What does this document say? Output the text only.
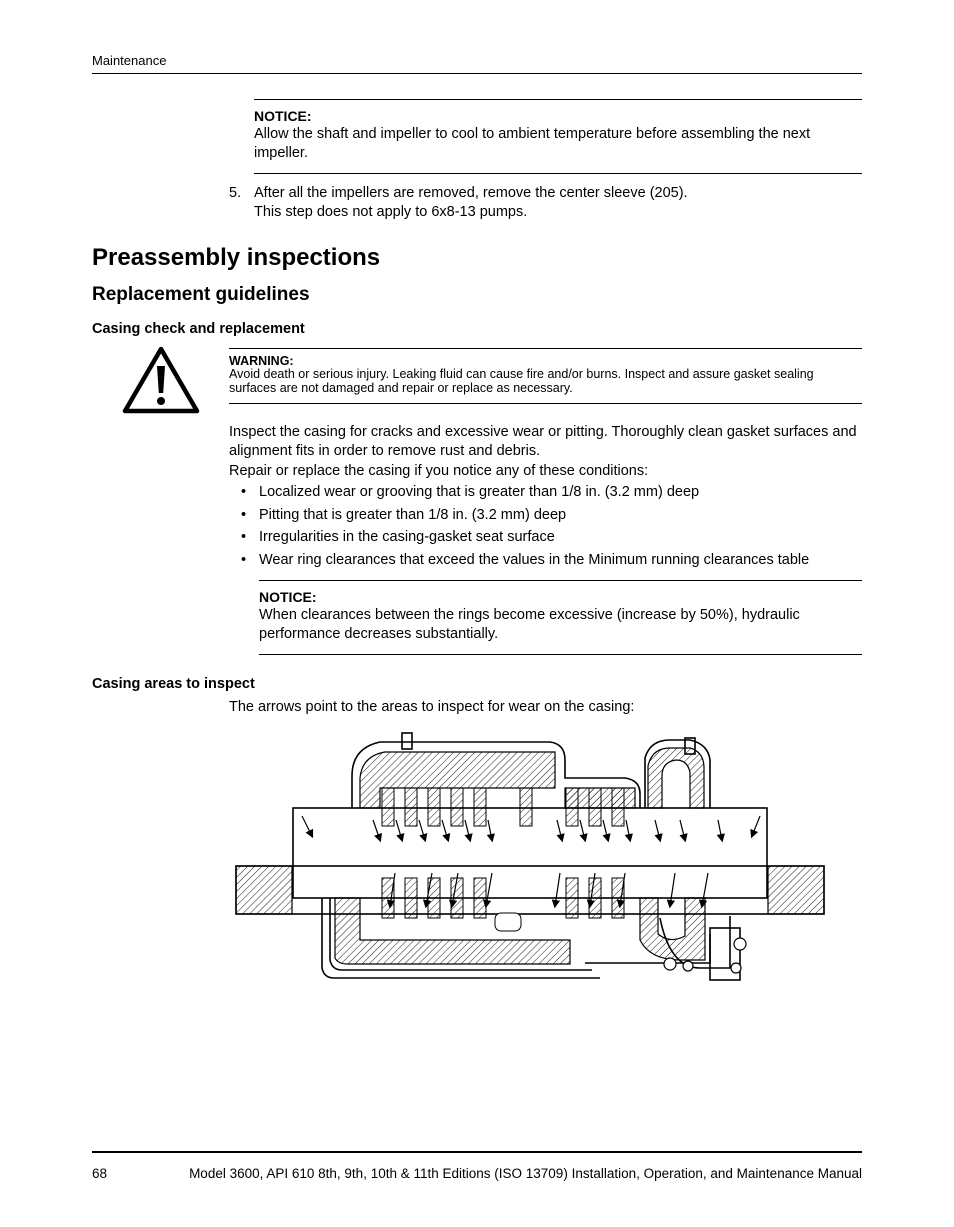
Maintenance
NOTICE:
Allow the shaft and impeller to cool to ambient temperature before assembling the next impeller.
5. After all the impellers are removed, remove the center sleeve (205).
This step does not apply to 6x8-13 pumps.
Preassembly inspections
Replacement guidelines
Casing check and replacement
WARNING:
Avoid death or serious injury. Leaking fluid can cause fire and/or burns. Inspect and assure gasket sealing surfaces are not damaged and repair or replace as necessary.
Inspect the casing for cracks and excessive wear or pitting. Thoroughly clean gasket surfaces and alignment fits in order to remove rust and debris.
Repair or replace the casing if you notice any of these conditions:
• Localized wear or grooving that is greater than 1/8 in. (3.2 mm) deep
• Pitting that is greater than 1/8 in. (3.2 mm) deep
• Irregularities in the casing-gasket seat surface
• Wear ring clearances that exceed the values in the Minimum running clearances table
NOTICE:
When clearances between the rings become excessive (increase by 50%), hydraulic performance decreases substantially.
Casing areas to inspect
The arrows point to the areas to inspect for wear on the casing:
68	Model 3600, API 610 8th, 9th, 10th & 11th Editions (ISO 13709) Installation, Operation, and Maintenance Manual
